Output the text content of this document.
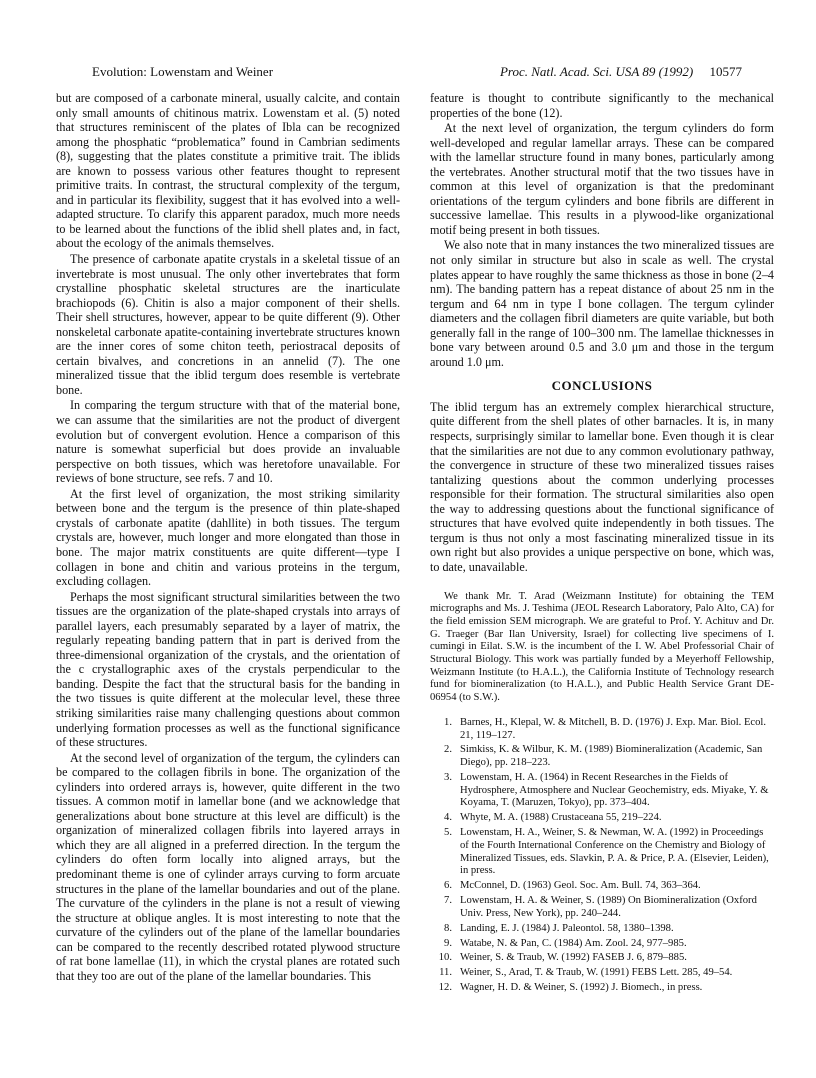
Evolution: Lowenstam and Weiner	Proc. Natl. Acad. Sci. USA 89 (1992) 10577

but are composed of a carbonate mineral, usually calcite, and contain only small amounts of chitinous matrix. Lowenstam et al. (5) noted that structures reminiscent of the plates of Ibla can be recognized among the phosphatic “problematica” found in Cambrian sediments (8), suggesting that the plates constitute a primitive trait. The iblids are known to possess various other features thought to represent primitive traits. In contrast, the structural complexity of the tergum, and in particular its flexibility, suggest that it has evolved into a well-adapted structure. To clarify this apparent paradox, much more needs to be learned about the functions of the iblid shell plates and, in fact, about the ecology of the animals themselves.

The presence of carbonate apatite crystals in a skeletal tissue of an invertebrate is most unusual. The only other invertebrates that form crystalline phosphatic skeletal structures are the inarticulate brachiopods (6). Chitin is also a major component of their shells. Their shell structures, however, appear to be quite different (9). Other nonskeletal carbonate apatite-containing invertebrate structures known are the inner cores of some chiton teeth, periostracal deposits of certain bivalves, and concretions in an annelid (7). The one mineralized tissue that the iblid tergum does resemble is vertebrate bone.

In comparing the tergum structure with that of the material bone, we can assume that the similarities are not the product of divergent evolution but of convergent evolution. Hence a comparison of this nature is somewhat superficial but does provide an invaluable perspective on both tissues, which was heretofore unavailable. For reviews of bone structure, see refs. 7 and 10.

At the first level of organization, the most striking similarity between bone and the tergum is the presence of thin plate-shaped crystals of carbonate apatite (dahllite) in both tissues. The tergum crystals are, however, much longer and more elongated than those in bone. The major matrix constituents are quite different—type I collagen in bone and chitin and various proteins in the tergum, excluding collagen.

Perhaps the most significant structural similarities between the two tissues are the organization of the plate-shaped crystals into arrays of parallel layers, each presumably separated by a layer of matrix, the regularly repeating banding pattern that in part is derived from the three-dimensional organization of the crystals, and the orientation of the c crystallographic axes of the crystals perpendicular to the banding. Despite the fact that the structural basis for the banding in the two tissues is quite different at the molecular level, these three striking similarities raise many challenging questions about common underlying formation processes as well as the functional significance of these structures.

At the second level of organization of the tergum, the cylinders can be compared to the collagen fibrils in bone. The organization of the cylinders into ordered arrays is, however, quite different in the two tissues. A common motif in lamellar bone (and we acknowledge that generalizations about bone structure at this level are difficult) is the organization of mineralized collagen fibrils into layered arrays in which they are all aligned in a preferred direction. In the tergum the cylinders do often form locally into aligned arrays, but the predominant theme is one of cylinder arrays curving to form arcuate structures in the plane of the lamellar boundaries and out of the plane. The curvature of the cylinders in the plane is not a result of viewing the structure at oblique angles. It is most interesting to note that the curvature of the cylinders out of the plane of the lamellar boundaries can be compared to the recently described rotated plywood structure of rat bone lamellae (11), in which the crystal planes are rotated such that they too are out of the plane of the lamellar boundaries. This

feature is thought to contribute significantly to the mechanical properties of the bone (12).

At the next level of organization, the tergum cylinders do form well-developed and regular lamellar arrays. These can be compared with the lamellar structure found in many bones, particularly among the vertebrates. Another structural motif that the two tissues have in common at this level of organization is that the predominant orientations of the tergum cylinders and bone fibrils are different in successive lamellae. This results in a plywood-like organizational motif being present in both tissues.

We also note that in many instances the two mineralized tissues are not only similar in structure but also in scale as well. The crystal plates appear to have roughly the same thickness as those in bone (2–4 nm). The banding pattern has a repeat distance of about 25 nm in the tergum and 64 nm in type I bone collagen. The tergum cylinder diameters and the collagen fibril diameters are quite variable, but both generally fall in the range of 100–300 nm. The lamellae thicknesses in bone vary between around 0.5 and 3.0 μm and those in the tergum around 1.0 μm.

CONCLUSIONS

The iblid tergum has an extremely complex hierarchical structure, quite different from the shell plates of other barnacles. It is, in many respects, surprisingly similar to lamellar bone. Even though it is clear that the similarities are not due to any common evolutionary pathway, the convergence in structure of these two mineralized tissues raises tantalizing questions about the common underlying processes responsible for their formation. The structural similarities also open the way to addressing questions about the functional significance of structures that have evolved quite independently in both tissues. The tergum is thus not only a most fascinating mineralized tissue in its own right but also provides a unique perspective on bone, which was, to date, unavailable.

We thank Mr. T. Arad (Weizmann Institute) for obtaining the TEM micrographs and Ms. J. Teshima (JEOL Research Laboratory, Palo Alto, CA) for the field emission SEM micrograph. We are grateful to Prof. Y. Achituv and Dr. G. Traeger (Bar Ilan University, Israel) for collecting live specimens of I. cumingi in Eilat. S.W. is the incumbent of the I. W. Abel Professorial Chair of Structural Biology. This work was partially funded by a Meyerhoff Fellowship, Weizmann Institute (to H.A.L.), the California Institute of Technology research fund for biomineralization (to H.A.L.), and Public Health Service Grant DE-06954 (to S.W.).

1. Barnes, H., Klepal, W. & Mitchell, B. D. (1976) J. Exp. Mar. Biol. Ecol. 21, 119–127.
2. Simkiss, K. & Wilbur, K. M. (1989) Biomineralization (Academic, San Diego), pp. 218–223.
3. Lowenstam, H. A. (1964) in Recent Researches in the Fields of Hydrosphere, Atmosphere and Nuclear Geochemistry, eds. Miyake, Y. & Koyama, T. (Maruzen, Tokyo), pp. 373–404.
4. Whyte, M. A. (1988) Crustaceana 55, 219–224.
5. Lowenstam, H. A., Weiner, S. & Newman, W. A. (1992) in Proceedings of the Fourth International Conference on the Chemistry and Biology of Mineralized Tissues, eds. Slavkin, P. A. & Price, P. A. (Elsevier, Leiden), in press.
6. McConnel, D. (1963) Geol. Soc. Am. Bull. 74, 363–364.
7. Lowenstam, H. A. & Weiner, S. (1989) On Biomineralization (Oxford Univ. Press, New York), pp. 240–244.
8. Landing, E. J. (1984) J. Paleontol. 58, 1380–1398.
9. Watabe, N. & Pan, C. (1984) Am. Zool. 24, 977–985.
10. Weiner, S. & Traub, W. (1992) FASEB J. 6, 879–885.
11. Weiner, S., Arad, T. & Traub, W. (1991) FEBS Lett. 285, 49–54.
12. Wagner, H. D. & Weiner, S. (1992) J. Biomech., in press.
